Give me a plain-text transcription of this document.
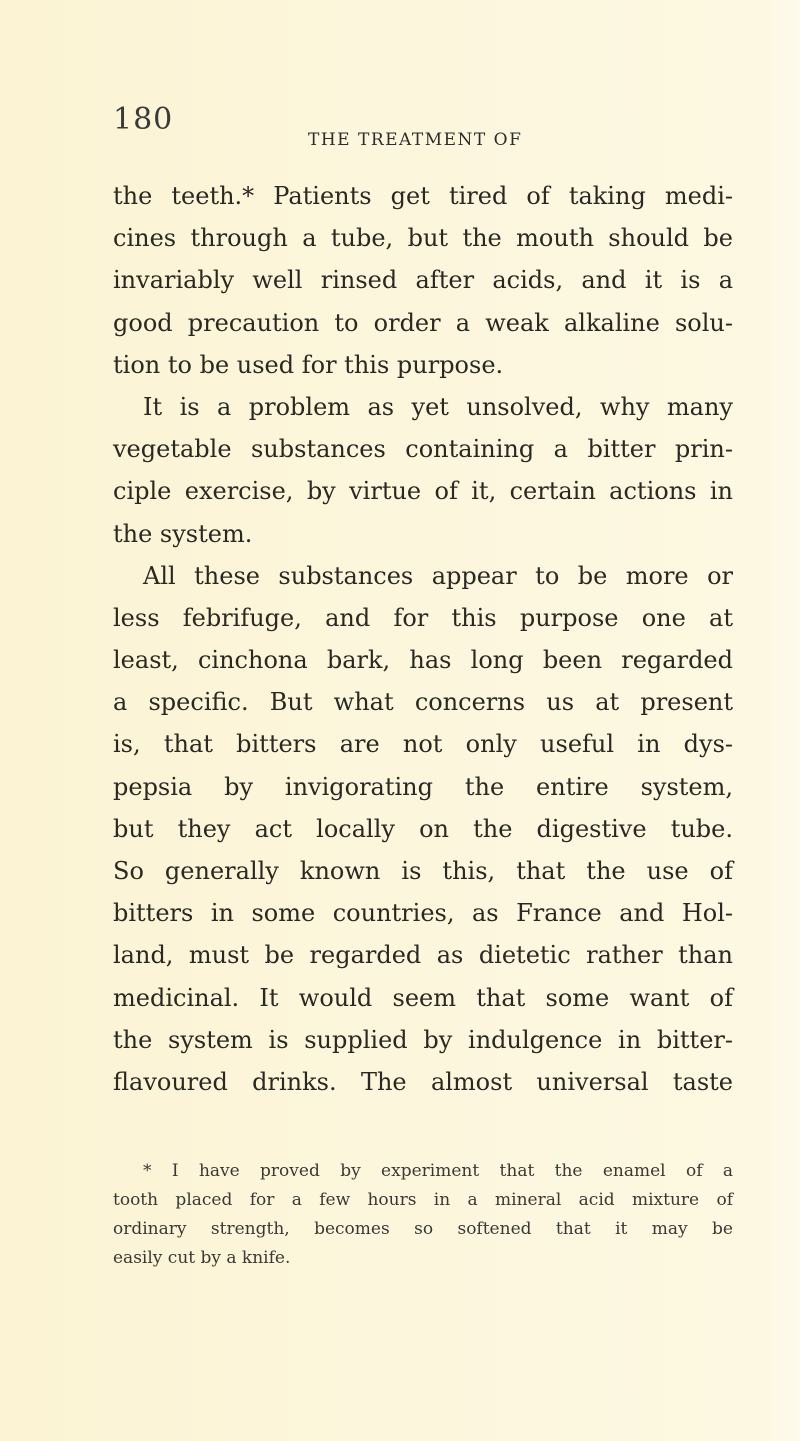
180
THE TREATMENT OF
the teeth.* Patients get tired of taking medi-
cines through a tube, but the mouth should be
invariably well rinsed after acids, and it is a
good precaution to order a weak alkaline solu-
tion to be used for this purpose.
It is a problem as yet unsolved, why many
vegetable substances containing a bitter prin-
ciple exercise, by virtue of it, certain actions in
the system.
All these substances appear to be more or
less febrifuge, and for this purpose one at
least, cinchona bark, has long been regarded
a specific. But what concerns us at present
is, that bitters are not only useful in dys-
pepsia by invigorating the entire system,
but they act locally on the digestive tube.
So generally known is this, that the use of
bitters in some countries, as France and Hol-
land, must be regarded as dietetic rather than
medicinal. It would seem that some want of
the system is supplied by indulgence in bitter-
flavoured drinks. The almost universal taste
* I have proved by experiment that the enamel of a
tooth placed for a few hours in a mineral acid mixture of
ordinary strength, becomes so softened that it may be
easily cut by a knife.
